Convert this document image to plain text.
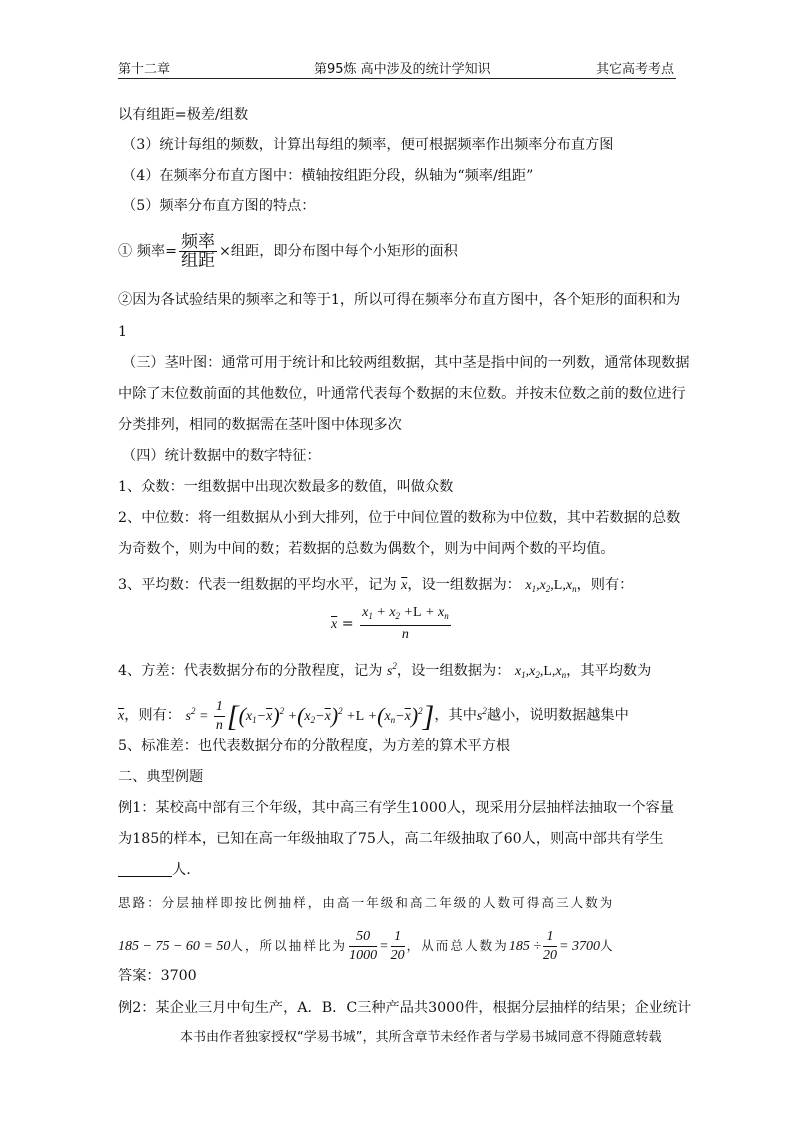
第十二章	第95炼 高中涉及的统计学知识	其它高考考点
以有组距=极差/组数
（3）统计每组的频数，计算出每组的频率，便可根据频率作出频率分布直方图
（4）在频率分布直方图中：横轴按组距分段，纵轴为“频率/组距”
（5）频率分布直方图的特点：
① 频率= $\frac{\text{频率}}{\text{组距}}$ ×组距，即分布图中每个小矩形的面积
②因为各试验结果的频率之和等于1，所以可得在频率分布直方图中，各个矩形的面积和为
1
（三）茎叶图：通常可用于统计和比较两组数据，其中茎是指中间的一列数，通常体现数据
中除了末位数前面的其他数位，叶通常代表每个数据的末位数。并按末位数之前的数位进行
分类排列，相同的数据需在茎叶图中体现多次
（四）统计数据中的数字特征：
1、众数：一组数据中出现次数最多的数值，叫做众数
2、中位数：将一组数据从小到大排列，位于中间位置的数称为中位数，其中若数据的总数
为奇数个，则为中间的数；若数据的总数为偶数个，则为中间两个数的平均值。
3、平均数：代表一组数据的平均水平，记为 $\overline{x}$，设一组数据为： $x_1,x_2,L,x_n$，则有：
$\overline{x} = \frac{x_1 + x_2 +L + x_n}{n}$
4、方差：代表数据分布的分散程度，记为 $s^2$，设一组数据为： $x_1,x_2,L,x_n$，其平均数为
$\overline{x}$，则有： $s^2 = \frac{1}{n} [(x_1-\overline{x})^2 +(x_2-\overline{x})^2 +L +(x_n-\overline{x})^2]$，其中$s^2$越小，说明数据越集中
5、标准差：也代表数据分布的分散程度，为方差的算术平方根
二、典型例题
例1：某校高中部有三个年级，其中高三有学生1000人，现采用分层抽样法抽取一个容量
为185的样本，已知在高一年级抽取了75人，高二年级抽取了60人，则高中部共有学生
人.
思路：分层抽样即按比例抽样，由高一年级和高二年级的人数可得高三人数为
185 − 75 − 60 = 50人，所以抽样比为 $\frac{50}{1000} = \frac{1}{20}$ ，从而总人数为$185 \div \frac{1}{20} = 3700$人
答案：3700
例2：某企业三月中旬生产，A．B．C三种产品共3000件，根据分层抽样的结果；企业统计
本书由作者独家授权“学易书城”，其所含章节未经作者与学易书城同意不得随意转载
